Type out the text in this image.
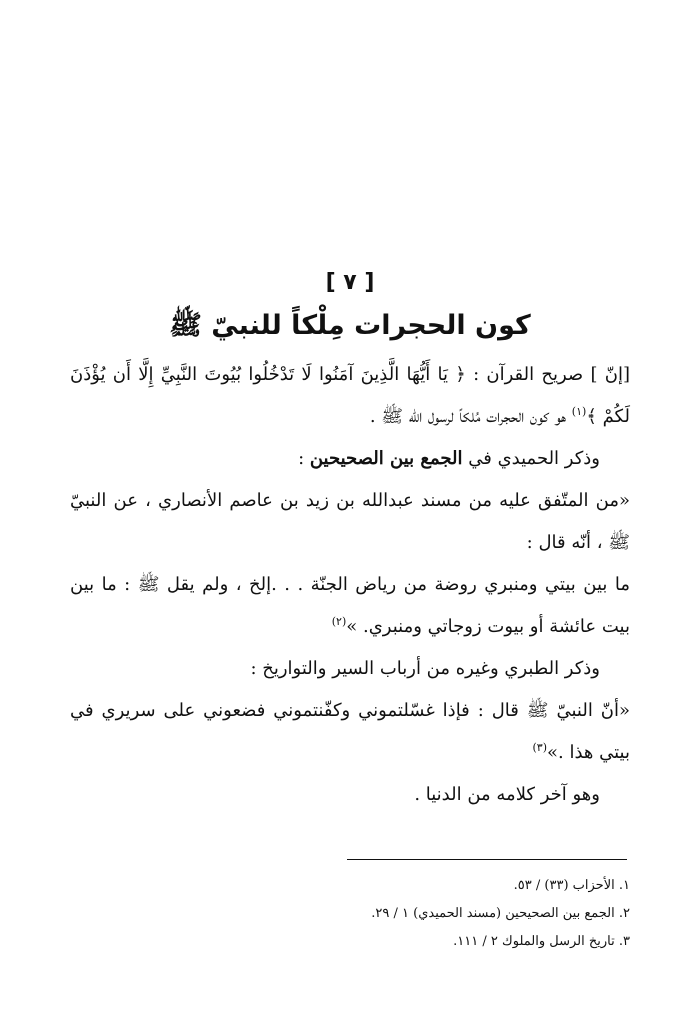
[ ٧ ]
كون الحجرات مِلْكاً للنبيّ ﷺ

[إنّ ] صريح القرآن : ﴿ يَا أَيُّهَا الَّذِينَ آمَنُوا لَا تَدْخُلُوا بُيُوتَ النَّبِيِّ إِلَّا أَن يُؤْذَنَ لَكُمْ ﴾$^{(١)}$ هو كون الحجرات مُلكاً لرسول الله ﷺ .

وذكر الحميدي في الجمع بين الصحيحين :

«من المتّفق عليه من مسند عبدالله بن زيد بن عاصم الأنصاري ، عن النبيّ ﷺ ، أنّه قال :

ما بين بيتي ومنبري روضة من رياض الجنّة . . .إلخ ، ولم يقل ﷺ : ما بين بيت عائشة أو بيوت زوجاتي ومنبري. »$^{(٢)}$

وذكر الطبري وغيره من أرباب السير والتواريخ :

«أنّ النبيّ ﷺ قال : فإذا غسّلتموني وكفّنتموني فضعوني على سريري في بيتي هذا .»$^{(٣)}$

وهو آخر كلامه من الدنيا .

١. الأحزاب (٣٣) / ٥٣.
٢. الجمع بين الصحيحين (مسند الحميدي) ١ / ٢٩.
٣. تاريخ الرسل والملوك ٢ / ١١١.
